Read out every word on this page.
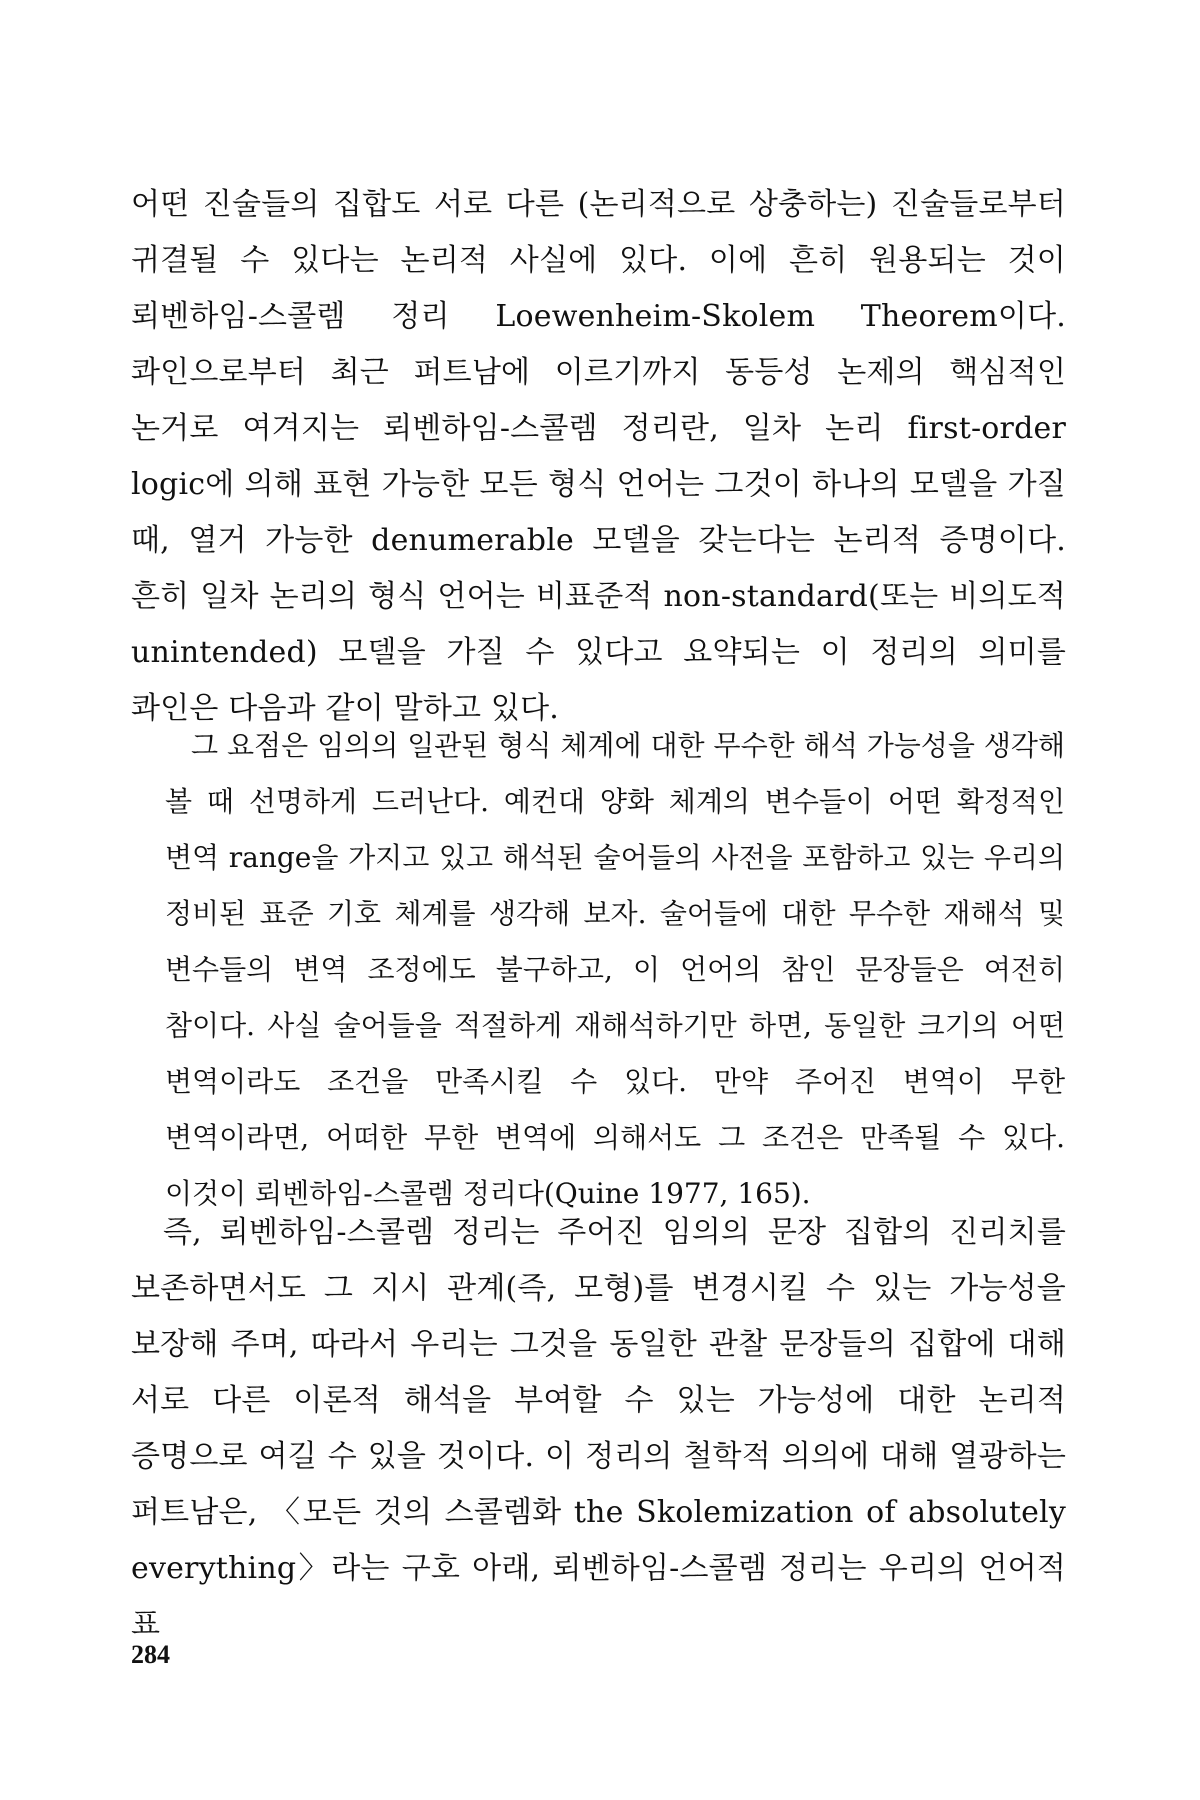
어떤 진술들의 집합도 서로 다른 (논리적으로 상충하는) 진술들로부터 귀결될 수 있다는 논리적 사실에 있다. 이에 흔히 원용되는 것이 뢰벤하임-스콜렘 정리 Loewenheim-Skolem Theorem이다. 콰인으로부터 최근 퍼트남에 이르기까지 동등성 논제의 핵심적인 논거로 여겨지는 뢰벤하임-스콜렘 정리란, 일차 논리 first-order logic에 의해 표현 가능한 모든 형식 언어는 그것이 하나의 모델을 가질 때, 열거 가능한 denumerable 모델을 갖는다는 논리적 증명이다. 흔히 일차 논리의 형식 언어는 비표준적 non-standard(또는 비의도적 unintended) 모델을 가질 수 있다고 요약되는 이 정리의 의미를 콰인은 다음과 같이 말하고 있다.

그 요점은 임의의 일관된 형식 체계에 대한 무수한 해석 가능성을 생각해 볼 때 선명하게 드러난다. 예컨대 양화 체계의 변수들이 어떤 확정적인 변역 range을 가지고 있고 해석된 술어들의 사전을 포함하고 있는 우리의 정비된 표준 기호 체계를 생각해 보자. 술어들에 대한 무수한 재해석 및 변수들의 변역 조정에도 불구하고, 이 언어의 참인 문장들은 여전히 참이다. 사실 술어들을 적절하게 재해석하기만 하면, 동일한 크기의 어떤 변역이라도 조건을 만족시킬 수 있다. 만약 주어진 변역이 무한 변역이라면, 어떠한 무한 변역에 의해서도 그 조건은 만족될 수 있다. 이것이 뢰벤하임-스콜렘 정리다(Quine 1977, 165).

즉, 뢰벤하임-스콜렘 정리는 주어진 임의의 문장 집합의 진리치를 보존하면서도 그 지시 관계(즉, 모형)를 변경시킬 수 있는 가능성을 보장해 주며, 따라서 우리는 그것을 동일한 관찰 문장들의 집합에 대해 서로 다른 이론적 해석을 부여할 수 있는 가능성에 대한 논리적 증명으로 여길 수 있을 것이다. 이 정리의 철학적 의의에 대해 열광하는 퍼트남은, 〈모든 것의 스콜렘화 the Skolemization of absolutely everything〉라는 구호 아래, 뢰벤하임-스콜렘 정리는 우리의 언어적 표

284
